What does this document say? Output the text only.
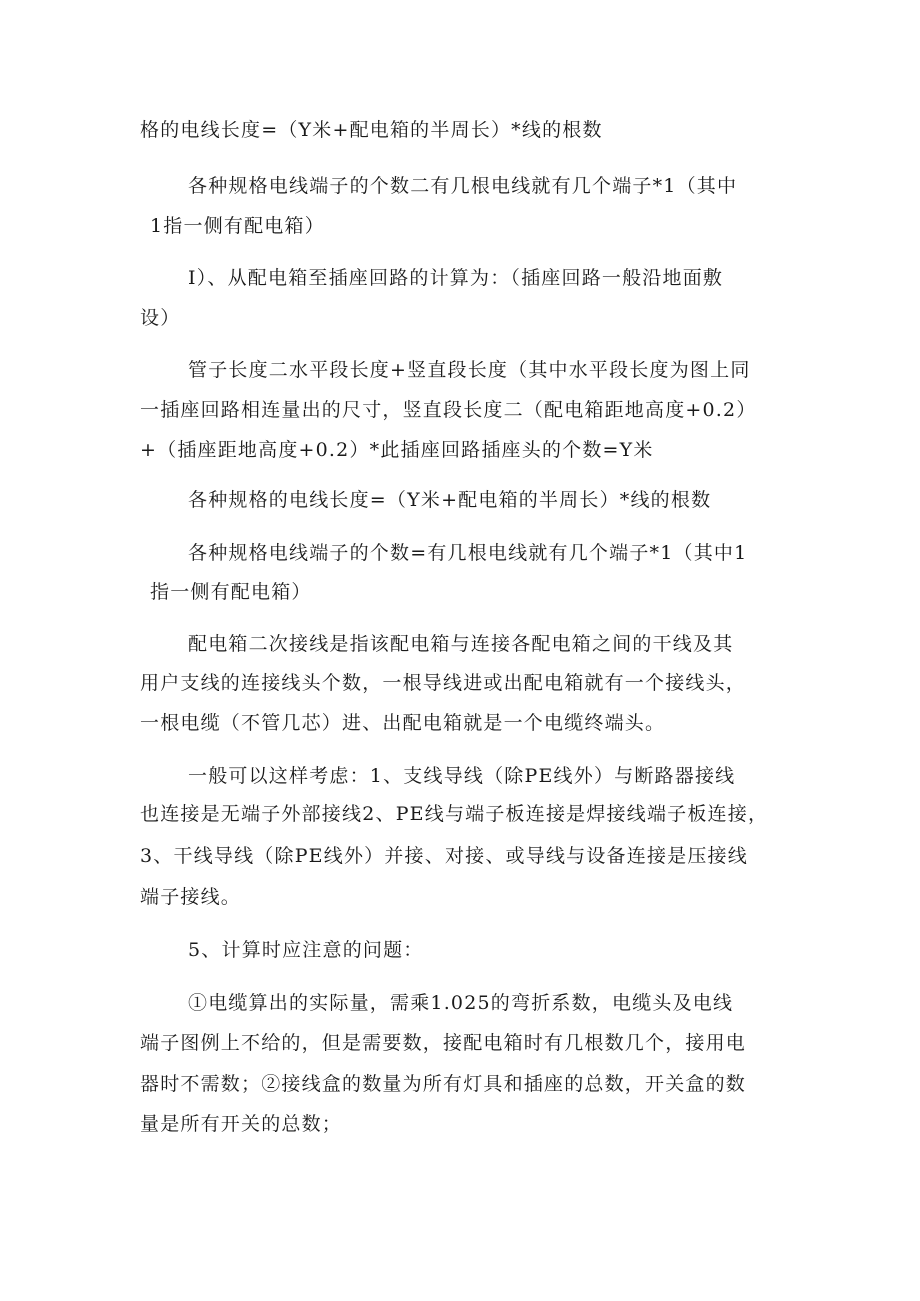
格的电线长度=（Y米+配电箱的半周长）*线的根数

各种规格电线端子的个数二有几根电线就有几个端子*1（其中

1指一侧有配电箱）

I）、从配电箱至插座回路的计算为：（插座回路一般沿地面敷

设）

管子长度二水平段长度+竖直段长度（其中水平段长度为图上同

一插座回路相连量出的尺寸，竖直段长度二（配电箱距地高度+0.2）

+（插座距地高度+0.2）*此插座回路插座头的个数=Y米

各种规格的电线长度=（Y米+配电箱的半周长）*线的根数

各种规格电线端子的个数=有几根电线就有几个端子*1（其中1

指一侧有配电箱）

配电箱二次接线是指该配电箱与连接各配电箱之间的干线及其

用户支线的连接线头个数，一根导线进或出配电箱就有一个接线头，

一根电缆（不管几芯）进、出配电箱就是一个电缆终端头。

一般可以这样考虑：1、支线导线（除PE线外）与断路器接线

也连接是无端子外部接线2、PE线与端子板连接是焊接线端子板连接，

3、干线导线（除PE线外）并接、对接、或导线与设备连接是压接线

端子接线。

5、计算时应注意的问题：

①电缆算出的实际量，需乘1.025的弯折系数，电缆头及电线

端子图例上不给的，但是需要数，接配电箱时有几根数几个，接用电

器时不需数；②接线盒的数量为所有灯具和插座的总数，开关盒的数

量是所有开关的总数；
